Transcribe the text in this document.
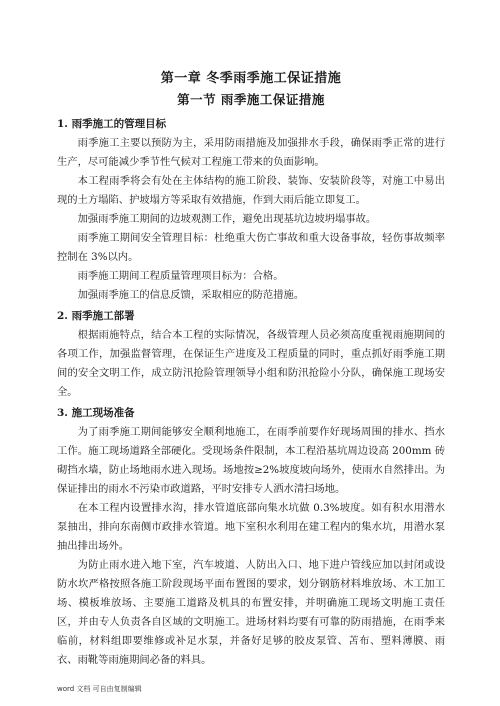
第一章 冬季雨季施工保证措施
第一节 雨季施工保证措施
1. 雨季施工的管理目标

雨季施工主要以预防为主，采用防雨措施及加强排水手段，确保雨季正常的进行生产，尽可能减少季节性气候对工程施工带来的负面影响。

本工程雨季将会有处在主体结构的施工阶段、装饰、安装阶段等，对施工中易出现的土方塌陷、护坡塌方等采取有效措施，作到大雨后能立即复工。

加强雨季施工期间的边坡观测工作，避免出现基坑边坡坍塌事故。

雨季施工期间安全管理目标：杜绝重大伤亡事故和重大设备事故，轻伤事故频率控制在 3%以内。

雨季施工期间工程质量管理项目标为：合格。

加强雨季施工的信息反馈，采取相应的防范措施。

2. 雨季施工部署

根据雨施特点，结合本工程的实际情况，各级管理人员必须高度重视雨施期间的各项工作，加强监督管理，在保证生产进度及工程质量的同时，重点抓好雨季施工期间的安全文明工作，成立防汛抢险管理领导小组和防汛抢险小分队，确保施工现场安全。

3. 施工现场准备

为了雨季施工期间能够安全顺利地施工，在雨季前要作好现场周围的排水、挡水工作。施工现场道路全部硬化。受现场条件限制，本工程沿基坑周边设高 200mm 砖砌挡水墙，防止场地雨水进入现场。场地按≥2%坡度坡向场外，使雨水自然排出。为保证排出的雨水不污染市政道路，平时安排专人洒水清扫场地。

在本工程内设置排水沟，排水管道底部向集水坑做 0.3%坡度。如有积水用潜水泵抽出，排向东南侧市政排水管道。地下室积水利用在建工程内的集水坑，用潜水泵抽出排出场外。

为防止雨水进入地下室，汽车坡道、人防出入口、地下进户管线应加以封闭或设防水坎严格按照各施工阶段现场平面布置图的要求，划分钢筋材料堆放场、木工加工场、模板堆放场、主要施工道路及机具的布置安排，并明确施工现场文明施工责任区，并由专人负责各自区域的文明施工。进场材料均要有可靠的防雨措施，在雨季来临前，材料组即要维修或补足水泵，并备好足够的胶皮泵管、苫布、塑料薄膜、雨衣、雨靴等雨施期间必备的料具。

word 文档 可自由复制编辑
